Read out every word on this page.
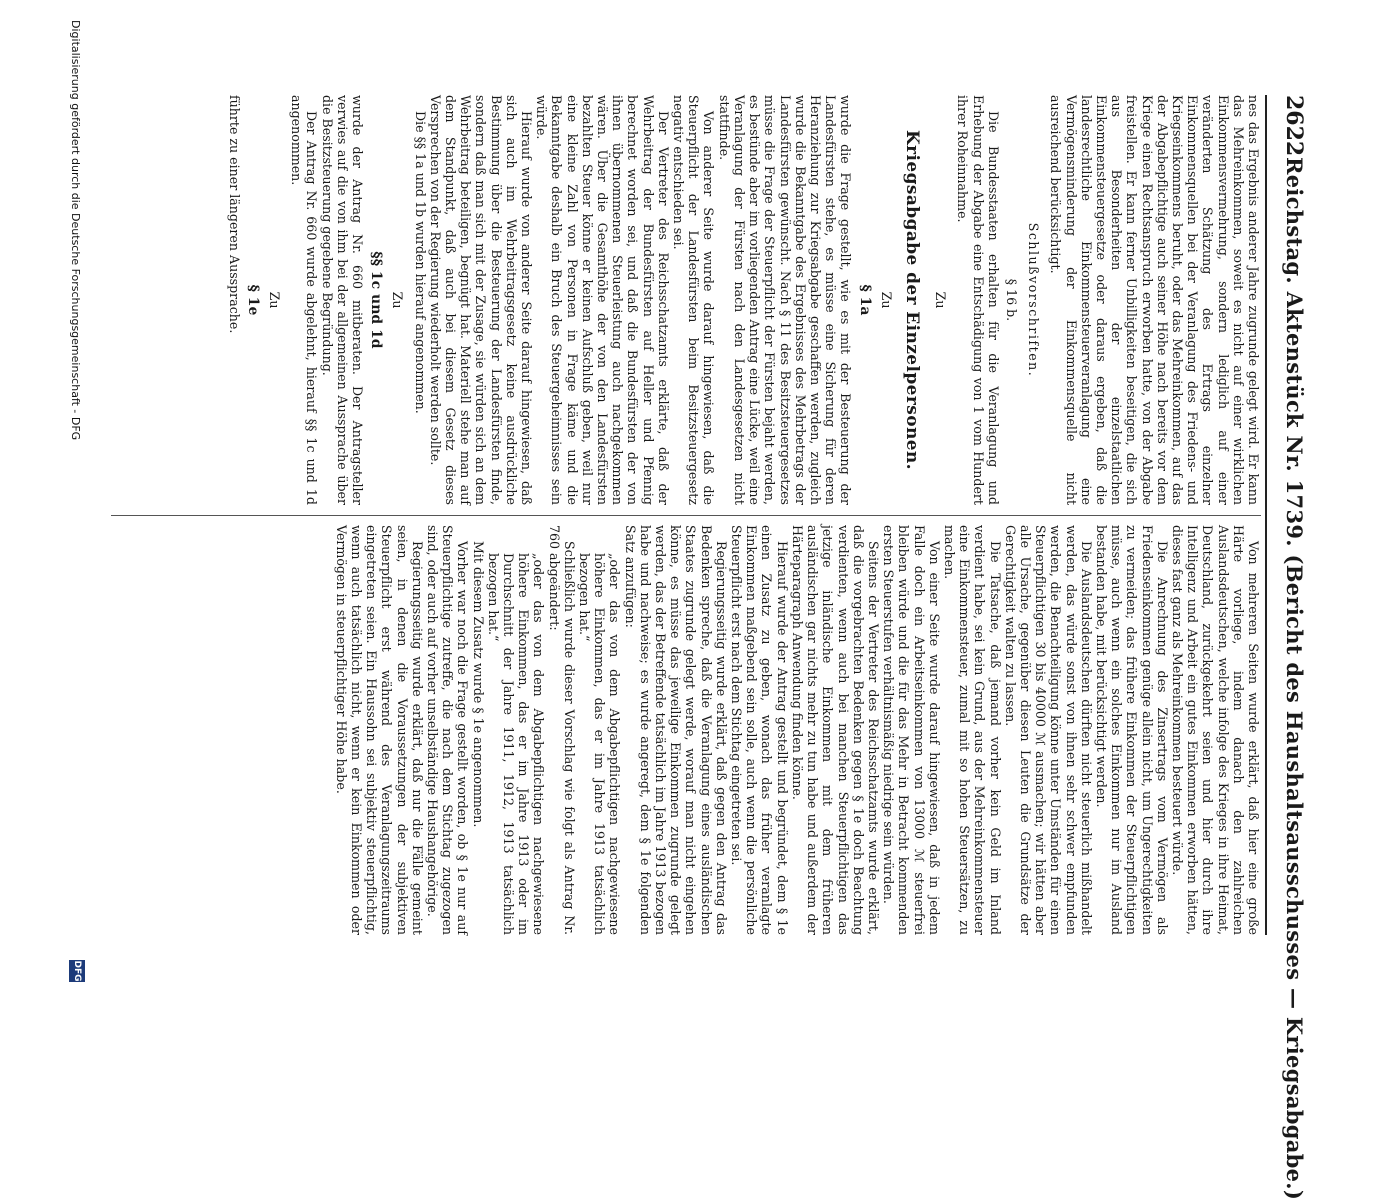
2622
Reichstag. Aktenstück Nr. 1739. (Bericht des Haushaltsausschusses — Kriegsabgabe.)

nes das Ergebnis anderer Jahre zugrunde gelegt wird. Er kann das Mehreinkommen, soweit es nicht auf einer wirklichen Einkommensvermehrung, sondern lediglich auf einer veränderten Schätzung des Ertrags einzelner Einkommensquellen bei der Veranlagung des Friedens- und Kriegseinkommens beruht, oder das Mehreinkommen, auf das der Abgabepflichtige auch seiner Höhe nach bereits vor dem Kriege einen Rechtsanspruch erworben hatte, von der Abgabe freistellen. Er kann ferner Unbilligkeiten beseitigen, die sich aus Besonderheiten der einzelstaatlichen Einkommensteuergesetze oder daraus ergeben, daß die landesrechtliche Einkommensteuerveranlagung eine Vermögensminderung der Einkommensquelle nicht ausreichend berücksichtigt.

Schlußvorschriften.
§ 16 b.

Die Bundesstaaten erhalten für die Veranlagung und Erhebung der Abgabe eine Entschädigung von 1 vom Hundert ihrer Roheinnahme.

Zu
Kriegsabgabe der Einzelpersonen.
Zu
§ 1a

wurde die Frage gestellt, wie es mit der Besteuerung der Landesfürsten stehe, es müsse eine Sicherung für deren Heranziehung zur Kriegsabgabe geschaffen werden, zugleich wurde die Bekanntgabe des Ergebnisses des Mehrbetrags der Landesfürsten gewünscht. Nach § 11 des Besitzsteuergesetzes müsse die Frage der Steuerpflicht der Fürsten bejaht werden, es bestünde aber im vorliegenden Antrag eine Lücke, weil eine Veranlagung der Fürsten nach den Landesgesetzen nicht stattfinde.

Von anderer Seite wurde darauf hingewiesen, daß die Steuerpflicht der Landesfürsten beim Besitzsteuergesetz negativ entschieden sei.

Der Vertreter des Reichsschatzamts erklärte, daß der Wehrbeitrag der Bundesfürsten auf Heller und Pfennig berechnet worden sei, und daß die Bundesfürsten der von ihnen übernommenen Steuerleistung auch nachgekommen wären. Über die Gesamthöhe der von den Landesfürsten bezahlten Steuer könne er keinen Aufschluß geben, weil nur eine kleine Zahl von Personen in Frage käme und die Bekanntgabe deshalb ein Bruch des Steuergeheimnisses sein würde.

Hierauf wurde von anderer Seite darauf hingewiesen, daß sich auch im Wehrbeitragsgesetz keine ausdrückliche Bestimmung über die Besteuerung der Landesfürsten finde, sondern daß man sich mit der Zusage, sie würden sich an dem Wehrbeitrag beteiligen, begnügt hat. Materiell stehe man auf dem Standpunkt, daß auch bei diesem Gesetz dieses Versprechen von der Regierung wiederholt werden sollte.

Die §§ 1a und 1b wurden hierauf angenommen.

Zu
§§ 1c und 1d

wurde der Antrag Nr. 660 mitberaten. Der Antragsteller verwies auf die von ihm bei der allgemeinen Aussprache über die Besitzsteuerung gegebene Begründung.

Der Antrag Nr. 660 wurde abgelehnt, hierauf §§ 1c und 1d angenommen.

Zu
§ 1e

führte zu einer längeren Aussprache.

Von mehreren Seiten wurde erklärt, daß hier eine große Härte vorliege, indem danach den zahlreichen Auslandsdeutschen, welche infolge des Krieges in ihre Heimat, Deutschland, zurückgekehrt seien und hier durch ihre Intelligenz und Arbeit ein gutes Einkommen erworben hätten, dieses fast ganz als Mehreinkommen besteuert würde.

Die Anrechnung des Zinsertrags vom Vermögen als Friedenseinkommen genüge allein nicht, um Ungerechtigkeiten zu vermeiden; das frühere Einkommen der Steuerpflichtigen müsse, auch wenn ein solches Einkommen nur im Ausland bestanden habe, mit berücksichtigt werden.

Die Auslandsdeutschen dürften nicht steuerlich mißhandelt werden, das würde sonst von ihnen sehr schwer empfunden werden, die Benachteiligung könne unter Umständen für einen Steuerpflichtigen 30 bis 40000 ℳ ausmachen; wir hätten aber alle Ursache, gegenüber diesen Leuten die Grundsätze der Gerechtigkeit walten zu lassen.

Die Tatsache, daß jemand vorher kein Geld im Inland verdient habe, sei kein Grund, aus der Mehreinkommensteuer eine Einkommensteuer, zumal mit so hohen Steuersätzen, zu machen.

Von einer Seite wurde darauf hingewiesen, daß in jedem Falle doch ein Arbeitseinkommen von 13000 ℳ steuerfrei bleiben würde und die für das Mehr in Betracht kommenden ersten Steuerstufen verhältnismäßig niedrige sein würden.

Seitens der Vertreter des Reichsschatzamts wurde erklärt, daß die vorgebrachten Bedenken gegen § 1e doch Beachtung verdienten, wenn auch bei manchen Steuerpflichtigen das jetzige inländische Einkommen mit dem früheren ausländischen gar nichts mehr zu tun habe und außerdem der Härteparagraph Anwendung finden könne.

Hierauf wurde der Antrag gestellt und begründet, dem § 1e einen Zusatz zu geben, wonach das früher veranlagte Einkommen maßgebend sein solle, auch wenn die persönliche Steuerpflicht erst nach dem Stichtag eingetreten sei.

Regierungsseitig wurde erklärt, daß gegen den Antrag das Bedenken spreche, daß die Veranlagung eines ausländischen Staates zugrunde gelegt werde, worauf man nicht eingehen könne, es müsse das jeweilige Einkommen zugrunde gelegt werden, das der Betreffende tatsächlich im Jahre 1913 bezogen habe und nachweise; es wurde angeregt, dem § 1e folgenden Satz anzufügen:

„oder das von dem Abgabepflichtigen nachgewiesene höhere Einkommen, das er im Jahre 1913 tatsächlich bezogen hat.“

Schließlich wurde dieser Vorschlag wie folgt als Antrag Nr. 760 abgeändert:

„oder das von dem Abgabepflichtigen nachgewiesene höhere Einkommen, das er im Jahre 1913 oder im Durchschnitt der Jahre 1911, 1912, 1913 tatsächlich bezogen hat.“

Mit diesem Zusatz wurde § 1e angenommen.

Vorher war noch die Frage gestellt worden, ob § 1e nur auf Steuerpflichtige zutreffe, die nach dem Stichtag zugezogen sind, oder auch auf vorher unselbständige Haushangehörige.

Regierungsseitig wurde erklärt, daß nur die Fälle gemeint seien, in denen die Voraussetzungen der subjektiven Steuerpflicht erst während des Veranlagungszeitraums eingetreten seien. Ein Haussohn sei subjektiv steuerpflichtig, wenn auch tatsächlich nicht, wenn er kein Einkommen oder Vermögen in steuerpflichtiger Höhe habe.

Digitalisierung gefördert durch die Deutsche Forschungsgemeinschaft - DFG
DFG
